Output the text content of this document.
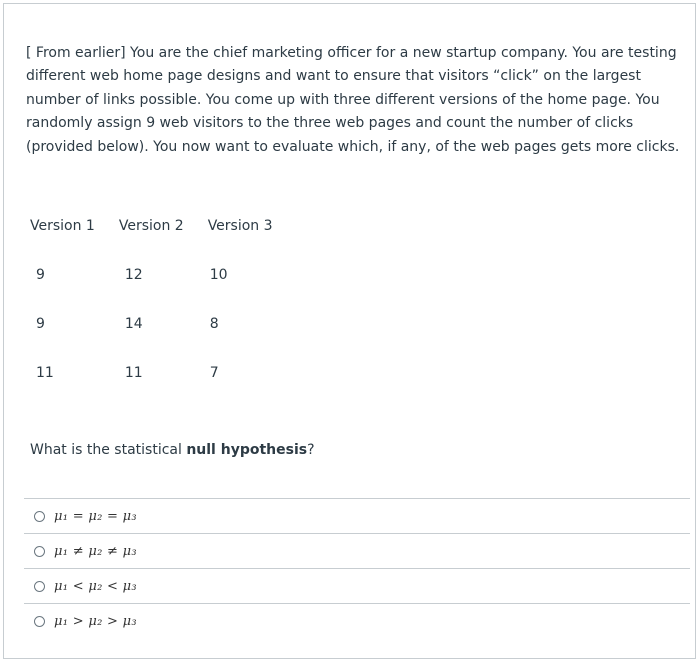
[ From earlier] You are the chief marketing officer for a new startup company. You are testing different web home page designs and want to ensure that visitors “click” on the largest number of links possible. You come up with three different versions of the home page. You randomly assign 9 web visitors to the three web pages and count the number of clicks (provided below). You now want to evaluate which, if any, of the web pages gets more clicks.

Version 1	Version 2	Version 3
9	12	10
9	14	8
11	11	7

What is the statistical null hypothesis?

μ₁ = μ₂ = μ₃
μ₁ ≠ μ₂ ≠ μ₃
μ₁ < μ₂ < μ₃
μ₁ > μ₂ > μ₃
